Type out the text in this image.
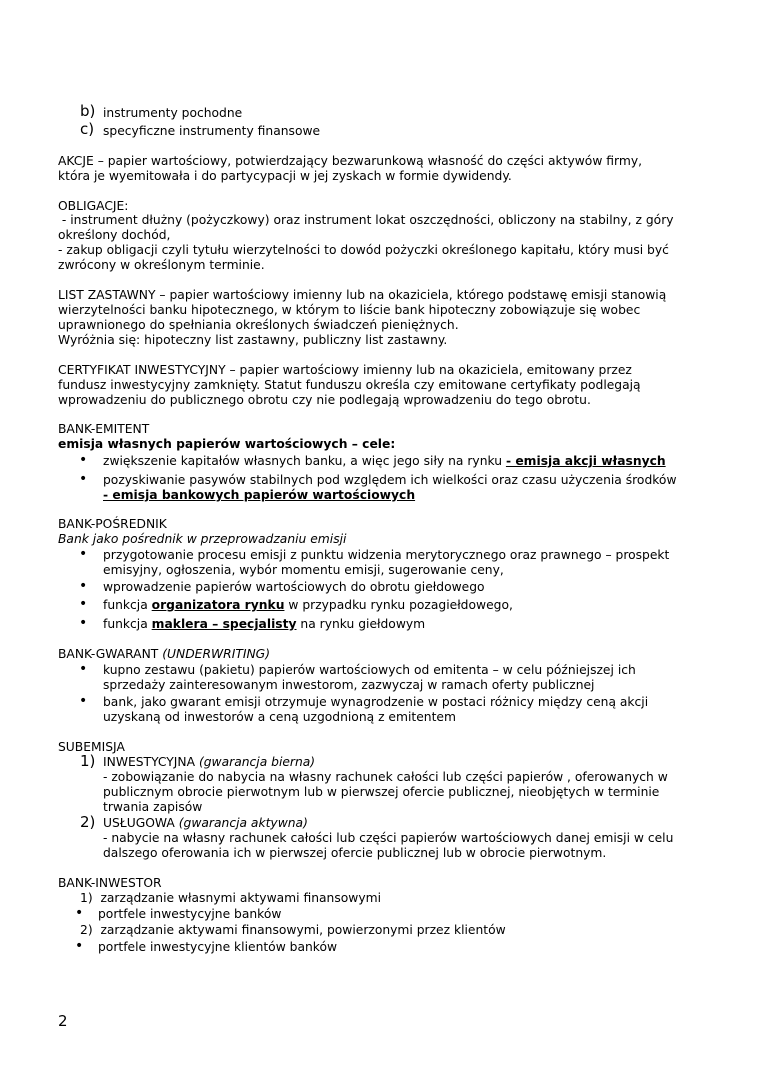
b) instrumenty pochodne
c) specyficzne instrumenty finansowe
AKCJE – papier wartościowy, potwierdzający bezwarunkową własność do części aktywów firmy,
która je wyemitowała i do partycypacji w jej zyskach w formie dywidendy.
OBLIGACJE:
- instrument dłużny (pożyczkowy) oraz instrument lokat oszczędności, obliczony na stabilny, z góry
określony dochód,
- zakup obligacji czyli tytułu wierzytelności to dowód pożyczki określonego kapitału, który musi być
zwrócony w określonym terminie.
LIST ZASTAWNY – papier wartościowy imienny lub na okaziciela, którego podstawę emisji stanowią
wierzytelności banku hipotecznego, w którym to liście bank hipoteczny zobowiązuje się wobec
uprawnionego do spełniania określonych świadczeń pieniężnych.
Wyróżnia się: hipoteczny list zastawny, publiczny list zastawny.
CERTYFIKAT INWESTYCYJNY – papier wartościowy imienny lub na okaziciela, emitowany przez
fundusz inwestycyjny zamknięty. Statut funduszu określa czy emitowane certyfikaty podlegają
wprowadzeniu do publicznego obrotu czy nie podlegają wprowadzeniu do tego obrotu.
BANK-EMITENT
emisja własnych papierów wartościowych – cele:
• zwiększenie kapitałów własnych banku, a więc jego siły na rynku - emisja akcji własnych
• pozyskiwanie pasywów stabilnych pod względem ich wielkości oraz czasu użyczenia środków
- emisja bankowych papierów wartościowych
BANK-POŚREDNIK
Bank jako pośrednik w przeprowadzaniu emisji
• przygotowanie procesu emisji z punktu widzenia merytorycznego oraz prawnego – prospekt
emisyjny, ogłoszenia, wybór momentu emisji, sugerowanie ceny,
• wprowadzenie papierów wartościowych do obrotu giełdowego
• funkcja organizatora rynku w przypadku rynku pozagiełdowego,
• funkcja maklera – specjalisty na rynku giełdowym
BANK-GWARANT (UNDERWRITING)
• kupno zestawu (pakietu) papierów wartościowych od emitenta – w celu późniejszej ich
sprzedaży zainteresowanym inwestorom, zazwyczaj w ramach oferty publicznej
• bank, jako gwarant emisji otrzymuje wynagrodzenie w postaci różnicy między ceną akcji
uzyskaną od inwestorów a ceną uzgodnioną z emitentem
SUBEMISJA
1) INWESTYCYJNA (gwarancja bierna)
- zobowiązanie do nabycia na własny rachunek całości lub części papierów , oferowanych w
publicznym obrocie pierwotnym lub w pierwszej ofercie publicznej, nieobjętych w terminie
trwania zapisów
2) USŁUGOWA (gwarancja aktywna)
- nabycie na własny rachunek całości lub części papierów wartościowych danej emisji w celu
dalszego oferowania ich w pierwszej ofercie publicznej lub w obrocie pierwotnym.
BANK-INWESTOR
1)  zarządzanie własnymi aktywami finansowymi
• portfele inwestycyjne banków
2)  zarządzanie aktywami finansowymi, powierzonymi przez klientów
• portfele inwestycyjne klientów banków
2
